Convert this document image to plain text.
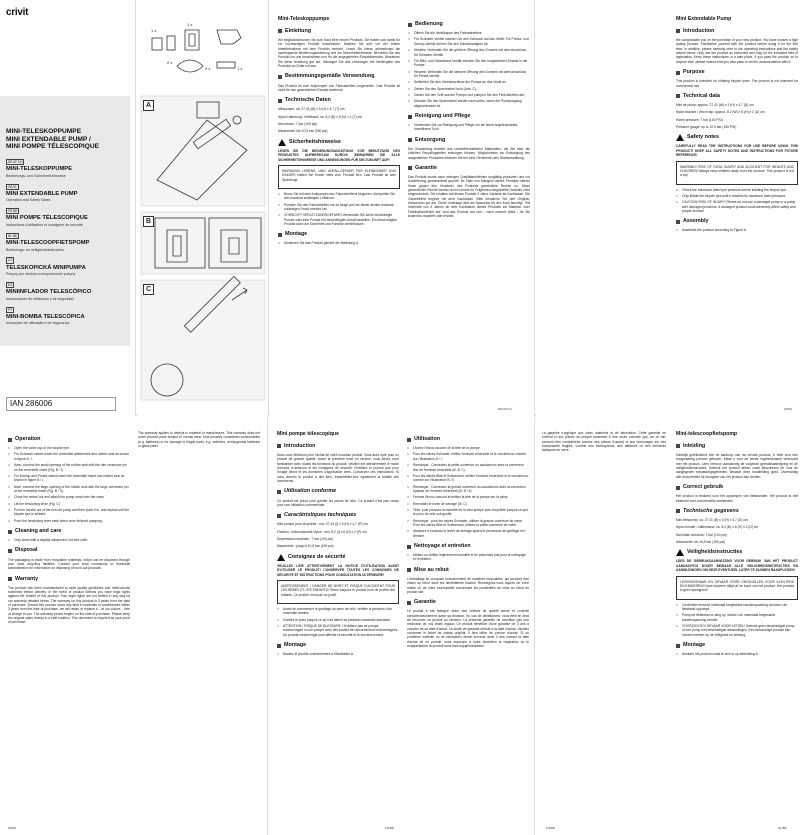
crivit
MINI-TELESKOPPUMPE
MINI EXTENDABLE PUMP /
MINI POMPE TÉLESCOPIQUE
DE AT CH
MINI-TELESKOPPUMPE
Bedienungs- und Sicherheitshinweise
GB IE
MINI EXTENDABLE PUMP
Operation and Safety Notes
FR BE
MINI POMPE TÉLESCOPIQUE
Instructions d'utilisation et consignes de sécurité
NL BE
MINI-TELESCOOPFIETSPOMP
Bedienings- en veiligheidsinstructies
CZ
TELESKOPICKÁ MINIPUMPA
Pokyny pro obsluhu a bezpečnostní pokyny
ES
MINIINFLADOR TELESCÓPICO
Instrucciones de utilización y de seguridad
PT
MINI-BOMBA TELESCÓPICA
Instruções de utilização e de segurança
IAN 286006
A
B
C
1 x
1 x
2 x
2 x	1 x
Mini-Teleskoppumpe
Einleitung

Wir beglückwünschen Sie zum Kauf Ihrer neuen Produkts. Sie haben sich damit für ein hochwertiges Produkt entschieden. Machen Sie sich vor der ersten Inbetriebnahme mit dem Produkt vertraut. Lesen Sie hierzu aufmerksam die nachfolgende Bedienungsanleitung und die Sicherheitshinweise. Benutzen Sie das Produkt nur wie beschrieben und für die angegebenen Einsatzbereiche. Bewahren Sie diese Anleitung gut auf. Händigen Sie alle Unterlagen bei Weitergabe des Produkts an Dritte mit aus.

Bestimmungsgemäße Verwendung

Das Produkt ist zum Aufpumpen von Fahrradreifen vorgesehen. Das Produkt ist nicht für den gewerblichen Einsatz bestimmt.

Technische Daten

Minipumpe: ca. 27,41 (Ø) x 3 (H) x 4,7 (T) cm

Nylon Halterung / Klettband: ca. 8,2 (B) x 6 (H) x 2 (T) cm

Nenndruck: 7 bar (100 psi)

Manometer: bis 10,5 bar (150 psi)

Sicherheitshinweise

LESEN SIE DIE BEDIENUNGSANLEITUNG VOR BENUTZUNG DES PRODUKTES AUFMERKSAM DURCH! BEWAHREN SIE ALLE SICHERHEITSHINWEISE UND ANWEISUNGEN FÜR DIE ZUKUNFT AUF!

WARNUNG! LEBENS- UND UNFALLGEFAHR FÜR KLEINKINDER UND KINDER! Halten Sie Kinder stets vom Produkt fern. Das Produkt ist kein Spielzeug!

□ Bevor Sie mit dem Aufpumpen des Fahrradreifens beginnen, überprüfen Sie den maximal zulässigen Luftdruck.
□ Pumpen Sie den Fahrradreifen nur so lange auf, bis dieser seinen maximal zulässigen Druck erreicht hat.
□ VORSICHT! VERLETZUNGSGEFAHR! Verwenden Sie keine beschädigte Pumpe oder eine Pumpe mit beschädigten Anschlussteilen. Ein beschädigtes Produkt kann die Sicherheit und Funktion beeinflussen.
Montage
□ Montieren Sie das Produkt gemäß der Abbildung A.
Bedienung
□ Öffnen Sie die Ventilkappe des Fahrradreifens.
□ Für Schrader-Ventile stecken Sie den Schlauch auf das Ventil. Für Presta- und Dunlop-Ventile drehen Sie den Schraubadapter ab.
□ Hinweis: Verbinden Sie die größere Öffnung des Gummis mit dem Anschluss für Schrader-Ventile.
□ Für Blitz- und Sclaverand-Ventile stecken Sie den umgedrehten Einsatz in die Pumpe.
□ Hinweis: Verbinden Sie die kleinere Öffnung des Gummis mit dem Anschluss für Presta-Ventile.
□ Schließen Sie den Ventilanschluss der Pumpe an das Ventil an.
□ Ziehen Sie den Spannhebel hoch (Abb. C).
□ Ziehen Sie den Griff aus der Pumpe und pumpen Sie den Fahrradreifen auf.
□ Drücken Sie den Spannhebel wieder nach unten, wenn der Pumpvorgang abgeschlossen ist.
Reinigung und Pflege
□ Verwenden Sie zur Reinigung und Pflege nur ein leicht angefeuchtetes, fusselfreies Tuch.
Entsorgung

Die Verpackung besteht aus umweltfreundlichen Materialien, die Sie über die örtlichen Recyclingstellen entsorgen können. Möglichkeiten zur Entsorgung des ausgedienten Produktes erfahren Sie bei Ihrer Gemeinde oder Stadtverwaltung.

Garantie

Das Produkt wurde nach strengen Qualitätsrichtlinien sorgfältig produziert und vor Auslieferung gewissenhaft geprüft. Im Falle von Mängeln dieses Produkts stehen Ihnen gegen den Verkäufer des Produkts gesetzliche Rechte zu. Diese gesetzlichen Rechte werden durch unsere im Folgenden dargestellte Garantie nicht eingeschränkt. Sie erhalten auf dieses Produkt 3 Jahre Garantie ab Kaufdatum. Die Garantiefrist beginnt mit dem Kaufdatum. Bitte bewahren Sie den Original-Kassenbon gut auf. Diese Unterlage wird als Nachweis für den Kauf benötigt. Tritt innerhalb von 3 Jahren ab dem Kaufdatum dieses Produkts ein Material- oder Fabrikationsfehler auf, wird das Produkt von uns – nach unserer Wahl – für Sie kostenlos repariert oder ersetzt.

DE/AT/CH
Mini Extendable Pump
Introduction

We congratulate you on the purchase of your new product. You have chosen a high quality product. Familiarise yourself with the product before using it for the first time. In addition, please carefully refer to the operating instructions and the safety advice below. Only use the product as instructed and only for the indicated field of application. Keep these instructions in a safe place. If you pass the product on to anyone else, please ensure that you also pass on all the documentation with it.

Purpose

This product is intended for inflating bicycle tyres. The product is not intended for commercial use.

Technical data

Mini air pump: approx. 27.41 (W) x 3 (H) x 4.7 (D) cm

Nylon bracket / velcro tap: approx. 8.2 (W) x 6 (H) x 2 (D) cm

Rated pressure: 7 bar (100 PSI)

Pressure gauge: up to 10.5 bar (150 PSI)

Safety notes

CAREFULLY READ THE INSTRUCTIONS FOR USE BEFORE USING THIS PRODUCT! KEEP ALL SAFETY NOTES AND INSTRUCTIONS FOR FUTURE REFERENCE!

WARNING! RISK OF FATAL INJURY AND ACCIDENT FOR INFANTS AND CHILDREN! Always keep children away from the product. This product is not a toy!

□ Check the maximum rated tyre pressure before inflating the bicycle tyre.
□ Only inflate the bicycle tyre until it reaches its maximum rated pressure.
□ CAUTION! RISK OF INJURY! Please do not use a damaged pump or a pump with damaged junctions. A damaged product could adversely affect safety and proper function.
Assembly
□ Assemble the product according to Figure A.
GB/IE
Operation
□ Open the valve cap of the bicycle tyre.
□ For Schrader valves insert the reversible attachment and rubber seal as shown in figure A / I.
□ Note: connect the small opening of the rubber seal with the dim connector pin on the reversible insert (Fig. B / I).
□ For Dunlop and Presta valves insert the reversible insert and rubber seal as shown in figure B / I.
□ Note: connect the large opening of the rubber seal with the large connector pin of the reversible insert (Fig. B / II).
□ Close the swivel nut and attach the pump head onto the valve.
□ Lift the tensioning lever (Fig. C).
□ Pull the handle out of the mini air pump and then push it in, and repeat until the bicycle tyre is inflated.
□ Push the tensioning lever back down once finished pumping.
Cleaning and care
□ Only clean with a slightly dampened, lint-free cloth.
Disposal

The packaging is made from recyclable materials, which can be disposed through your local recycling facilities. Contact your local community or municipal administration for information on disposing of worn-out products.

Warranty

The product has been manufactured to strict quality guidelines and meticulously examined before delivery. In the event of product defects you have legal rights against the retailer of this product. Your legal rights are not limited in any way by our warranty detailed below. The warranty for this product is 3 years from the date of purchase. Should this product show any fault in materials or manufacture within 3 years from the date of purchase, we will repair or replace it – at our choice – free of charge to you. The warranty period begins on the date of purchase. Please keep the original sales receipt in a safe location. This document is required as your proof of purchase.

The warranty applies to defects in material or manufacture. This warranty does not cover product parts subject to normal wear, thus possibly considered consumables (e.g. batteries) or for damage to fragile parts, e.g. switches, rechargeable batteries or glass parts.

GB/IE
Mini pompe télescopique
Introduction

Nous vous félicitons pour l'achat de votre nouveau produit. Vous avez opté pour un produit de grande qualité. Avant la première mise en service, vous devez vous familiariser avec toutes les fonctions du produit. Veuillez lire attentivement le mode d'emploi ci-dessous et les consignes de sécurité. N'utilisez le produit que pour l'usage décrit et les domaines d'application cités. Conservez ces instructions. Si vous donnez le produit à des tiers, transmettez-leur également la totalité des documents.

Utilisation conforme

Ce produit est prévu pour gonfler les pneus de vélo. Ce produit n'est pas conçu pour une utilisation commerciale.

Caractéristiques techniques

Mini-pompe pour bicyclette : env. 27,41 (l) x 3 (H) x 4,7 (P) cm

Fixation / velcro/sachets Nylon : env. 8,2 (l) x 6 (H) x 2 (P) cm

Surpression nominale : 7 bar (100 psi)

Manomètre : jusqu'à 10,5 bar (150 psi)

Consignes de sécurité

VEUILLEZ LIRE ATTENTIVEMENT LA NOTICE D'UTILISATION AVANT D'UTILISER LE PRODUIT! CONSERVER TOUTES LES CONSIGNES DE SÉCURITÉ ET INSTRUCTIONS POUR CONSULTATION ULTÉRIEURE!

AVERTISSEMENT ! DANGER DE MORT ET RISQUE D'ACCIDENT POUR LES BÉBÉS ET LES ENFANTS! Tenez toujours le produit hors de portée des enfants. Ce produit n'est pas un jouet!

□ Avant de commencer le gonflage du pneu de vélo, vérifiez la pression d'air maximale admise.
□ Gonflez le pneu jusqu'à ce qu'il ait atteint sa pression maximale autorisée.
□ ATTENTION ! RISQUE DE BLESSURE ! N'utilisez pas de pompe endommagée ni une pompe avec des parties de raccordement endommagées. Un produit endommagé peut affecter la sécurité et le fonctionnement.
Montage
□ Montez le produit conformément à l'illustration A.
Utilisation
□ Ouvrez l'écrou-raccord de la tête de la pompe.
□ Pour les valves Schrader, enfilez l'embout réversible et le caoutchouc comme sur l'illustration B / I.
□ Remarque : Connectez la petite ouverture du caoutchouc avec la connexion fine de l'embout réversible (Ill. B / I).
□ Pour les valves Blitz et Sclaverand, enfilez l'embout réversible et le caoutchouc comme sur l'illustration B / II.
□ Remarque : Connectez la grosse ouverture du caoutchouc avec la connexion épaisse de l'embout réversible (Ill. B / II).
□ Fermez l'écrou-raccord et enfilez la tête de la pompe sur la valve.
□ Remontez le levier de serrage (Ill. C).
□ Tirez, puis poussez la manette de la mini-pompe pour bicyclette jusqu'à ce que le pneu de vélo soit gonflé.
□ Remarque : pour les valves Schrader, utilisez la grande ouverture de valve. Pour les valves Blitz et Sclaverand, utilisez la petite ouverture de valve.
□ Abaissez à nouveau le levier de serrage quand le processus de gonflage est terminé.
Nettoyage et entretien
□ Utiliser un chiffon légèrement humidifié et ne peluchant pas pour le nettoyage et l'entretien.
Mise au rebut

L'emballage se compose exclusivement de matières recyclables, qui peuvent être mises au rebut dans les déchetteries locales. Renseignez-vous auprès de votre mairie ou de votre municipalité concernant les possibilités de mise au rebut du produit usé.

Garantie

Le produit a été fabriqué selon des critères de qualité stricts et contrôlé consciencieusement avant sa livraison. En cas de défaillances, vous êtes en droit de retourner ce produit au vendeur. La présente garantie ne constitue pas une restriction de vos droits légaux. Ce produit bénéficie d'une garantie de 3 ans à compter de sa date d'achat. La durée de garantie débute à la date d'achat. Veuillez conserver le ticket de caisse original. Il fera office de preuve d'achat. Si un problème matériel ou de fabrication devait survenir dans 3 ans suivant la date d'achat de ce produit, nous assurons à notre discrétion la réparation ou le remplacement du produit sans frais supplémentaires.

FR/BE

La garantie s'applique aux vices matériels et de fabrication. Cette garantie ne s'étend ni aux pièces du produit soumises à une usure normale (qui, de ce fait, peuvent être considérées comme des pièces d'usure) ni aux dommages sur des composants fragiles, comme des interrupteurs, des batteries ou des éléments fabriqués en verre.

Mini-telescoopfietspomp
Inleiding

Hartelijk gefeliciteerd met de aankoop van uw nieuwe product. U hebt voor een hoogwaardig product gekozen. Maak u voor de eerste ingebruikname vertrouwd met het product. Lees hiervoor aandachtig de volgende gebruiksaanwijzing en de veiligheidsinstructies. Gebruik het product alleen zoals beschreven en voor de aangegeven toepassingsgebieden. Bewaar deze handleiding goed. Overhandig alle documenten bij doorgave van het product aan derden.

Correct gebruik

Het product is bedoeld voor het oppompen van fietsbanden. Het product is niet bestemd voor commerciële doeleinden.

Technische gegevens

Mini-fietspomp: ca. 27,41 (B) x 3 (H) x 4,7 (D) cm

Nylon houder / klittenband: ca. 8,2 (B) x 6 (H) x 2 (D) cm

Nominale overdruk: 7 bar (100 psi)

Manometer: tot 10,5 bar (150 psi)

Veiligheidsinstructies

LEES DE GEBRUIKSAANWIJZING VOOR GEBRUIK VAN HET PRODUCT AANDACHTIG DOOR! BEWAAR ALLE VEILIGHEIDSINSTRUCTIES EN AANWIJZINGEN OM DEZE EVENTUEEL LATER TE KUNNEN RAADPLEGEN!

LEVENSGEVAAR EN GEVAAR VOOR ONGEVALLEN VOOR KLEUTERS EN KINDEREN! Houd kinderen altijd uit de buurt van het product. Het product is geen speelgoed!

□ Controleer eerst de maximaal toegestane bandenspanning voordat u de fietsband oppompt.
□ Pomp de fietsband zo lang op, totdat u de maximaal toegestane bandenspanning bereikt.
□ VOORZICHTIG! GEVAAR VOOR LETSEL! Gebruik geen beschadigde pomp of een pomp met beschadigde aansluitingen. Een beschadigd product kan invloed hebben op de veiligheid en werking.
Montage
□ Monteer het product zoals te zien is op afbeelding A.
FR/BE	NL/BE
